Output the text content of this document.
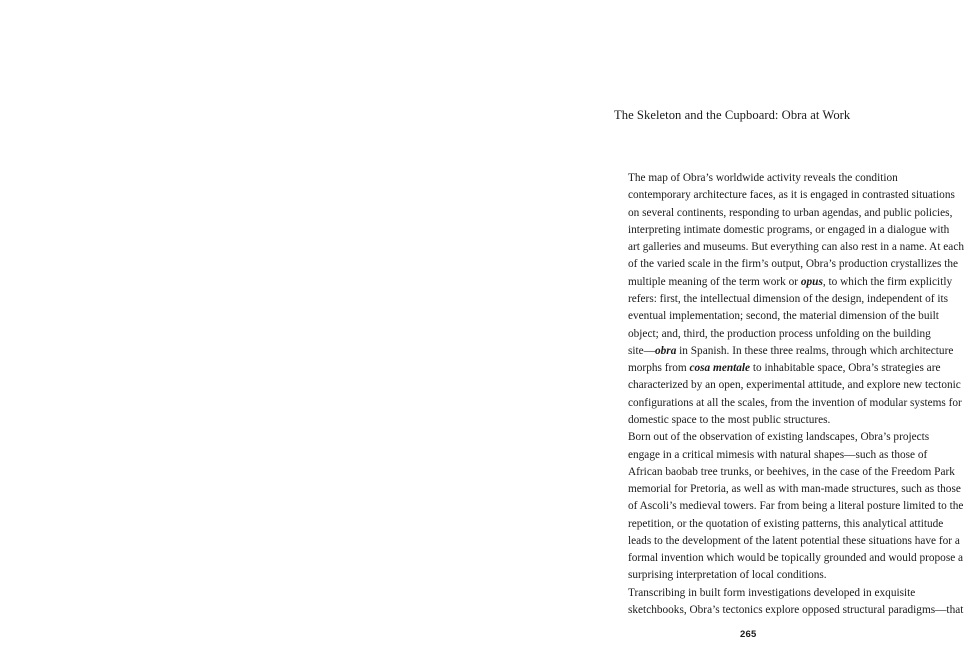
The Skeleton and the Cupboard: Obra at Work

The map of Obra’s worldwide activity reveals the condition
contemporary architecture faces, as it is engaged in contrasted situations
on several continents, responding to urban agendas, and public policies,
interpreting intimate domestic programs, or engaged in a dialogue with
art galleries and museums. But everything can also rest in a name. At each
of the varied scale in the firm’s output, Obra’s production crystallizes the
multiple meaning of the term work or opus, to which the firm explicitly
refers: first, the intellectual dimension of the design, independent of its
eventual implementation; second, the material dimension of the built
object; and, third, the production process unfolding on the building
site—obra in Spanish. In these three realms, through which architecture
morphs from cosa mentale to inhabitable space, Obra’s strategies are
characterized by an open, experimental attitude, and explore new tectonic
configurations at all the scales, from the invention of modular systems for
domestic space to the most public structures.

Born out of the observation of existing landscapes, Obra’s projects
engage in a critical mimesis with natural shapes—such as those of
African baobab tree trunks, or beehives, in the case of the Freedom Park
memorial for Pretoria, as well as with man-made structures, such as those
of Ascoli’s medieval towers. Far from being a literal posture limited to the
repetition, or the quotation of existing patterns, this analytical attitude
leads to the development of the latent potential these situations have for a
formal invention which would be topically grounded and would propose a
surprising interpretation of local conditions.

Transcribing in built form investigations developed in exquisite
sketchbooks, Obra’s tectonics explore opposed structural paradigms—that

265
